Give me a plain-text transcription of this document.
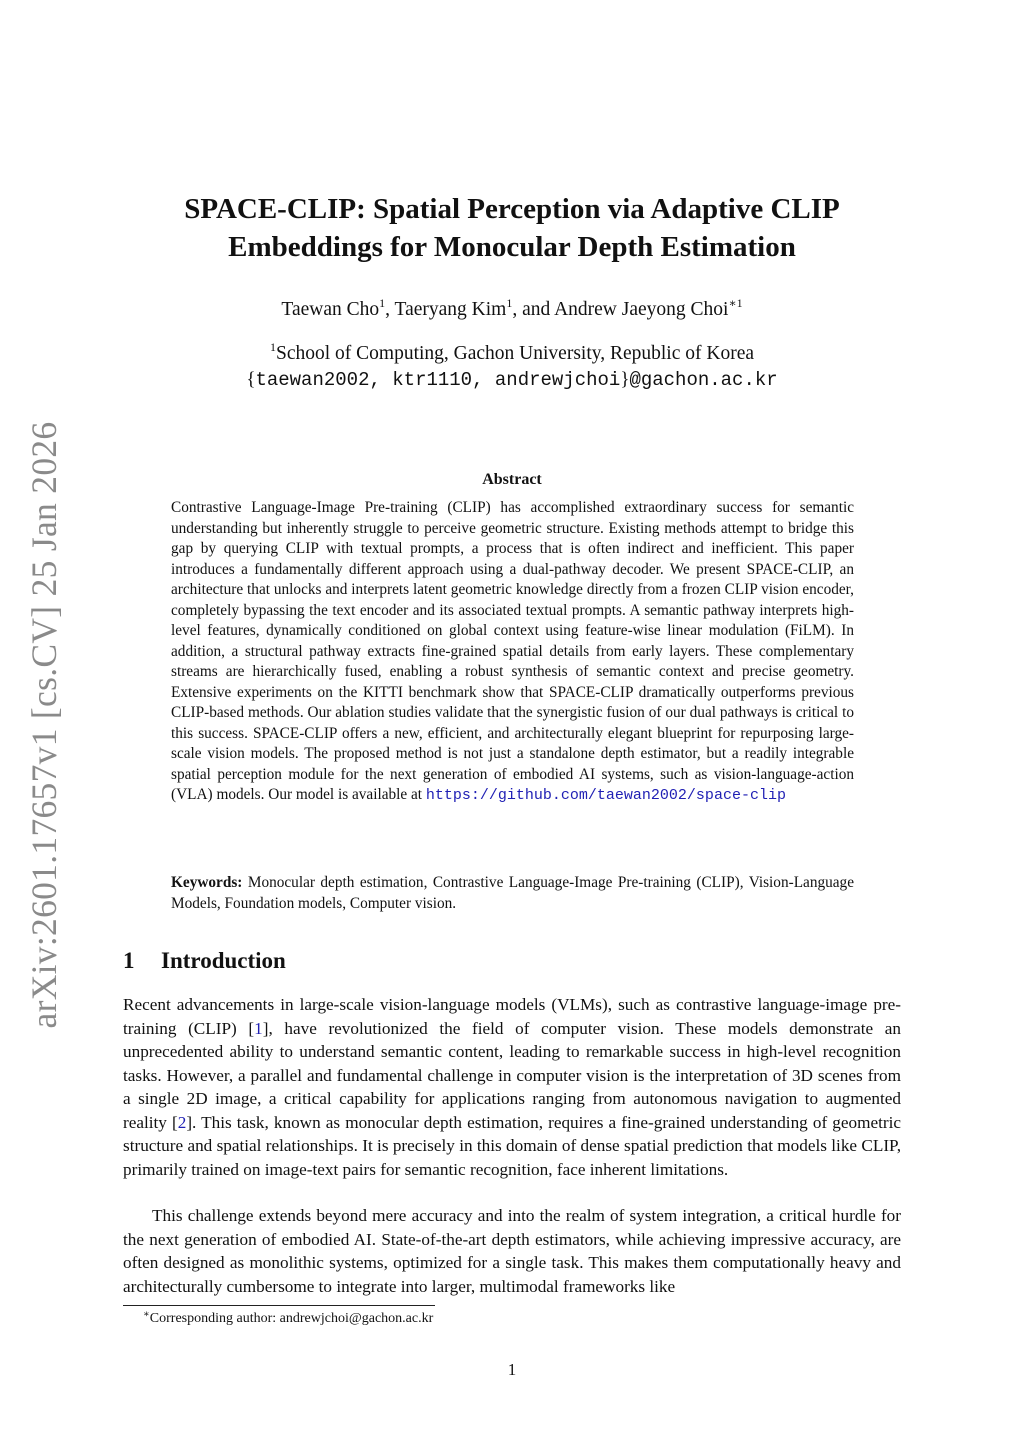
arXiv:2601.17657v1 [cs.CV] 25 Jan 2026
SPACE-CLIP: Spatial Perception via Adaptive CLIP
Embeddings for Monocular Depth Estimation
Taewan Cho$^1$, Taeryang Kim$^1$, and Andrew Jaeyong Choi$^{∗1}$
$^1$School of Computing, Gachon University, Republic of Korea
{taewan2002, ktr1110, andrewjchoi}@gachon.ac.kr
Abstract
Contrastive Language-Image Pre-training (CLIP) has accomplished extraordinary success for semantic understanding but inherently struggle to perceive geometric structure. Existing methods attempt to bridge this gap by querying CLIP with textual prompts, a process that is often indirect and inefficient. This paper introduces a fundamentally different approach using a dual-pathway decoder. We present SPACE-CLIP, an architecture that unlocks and interprets latent geometric knowledge directly from a frozen CLIP vision encoder, completely bypassing the text encoder and its associated textual prompts. A semantic pathway interprets high-level features, dynamically conditioned on global context using feature-wise linear modulation (FiLM). In addition, a structural pathway extracts fine-grained spatial details from early layers. These complementary streams are hierarchically fused, enabling a robust synthesis of semantic context and precise geometry. Extensive experiments on the KITTI benchmark show that SPACE-CLIP dramatically outperforms previous CLIP-based methods. Our ablation studies validate that the synergistic fusion of our dual pathways is critical to this success. SPACE-CLIP offers a new, efficient, and architecturally elegant blueprint for repurposing large-scale vision models. The proposed method is not just a standalone depth estimator, but a readily integrable spatial perception module for the next generation of embodied AI systems, such as vision-language-action (VLA) models. Our model is available at https://github.com/taewan2002/space-clip
Keywords: Monocular depth estimation, Contrastive Language-Image Pre-training (CLIP), Vision-Language Models, Foundation models, Computer vision.
1 Introduction

Recent advancements in large-scale vision-language models (VLMs), such as contrastive language-image pre-training (CLIP) [1], have revolutionized the field of computer vision. These models demonstrate an unprecedented ability to understand semantic content, leading to remarkable success in high-level recognition tasks. However, a parallel and fundamental challenge in computer vision is the interpretation of 3D scenes from a single 2D image, a critical capability for applications ranging from autonomous navigation to augmented reality [2]. This task, known as monocular depth estimation, requires a fine-grained understanding of geometric structure and spatial relationships. It is precisely in this domain of dense spatial prediction that models like CLIP, primarily trained on image-text pairs for semantic recognition, face inherent limitations.

This challenge extends beyond mere accuracy and into the realm of system integration, a critical hurdle for the next generation of embodied AI. State-of-the-art depth estimators, while achieving impressive accuracy, are often designed as monolithic systems, optimized for a single task. This makes them computationally heavy and architecturally cumbersome to integrate into larger, multimodal frameworks like

∗Corresponding author: andrewjchoi@gachon.ac.kr
1
